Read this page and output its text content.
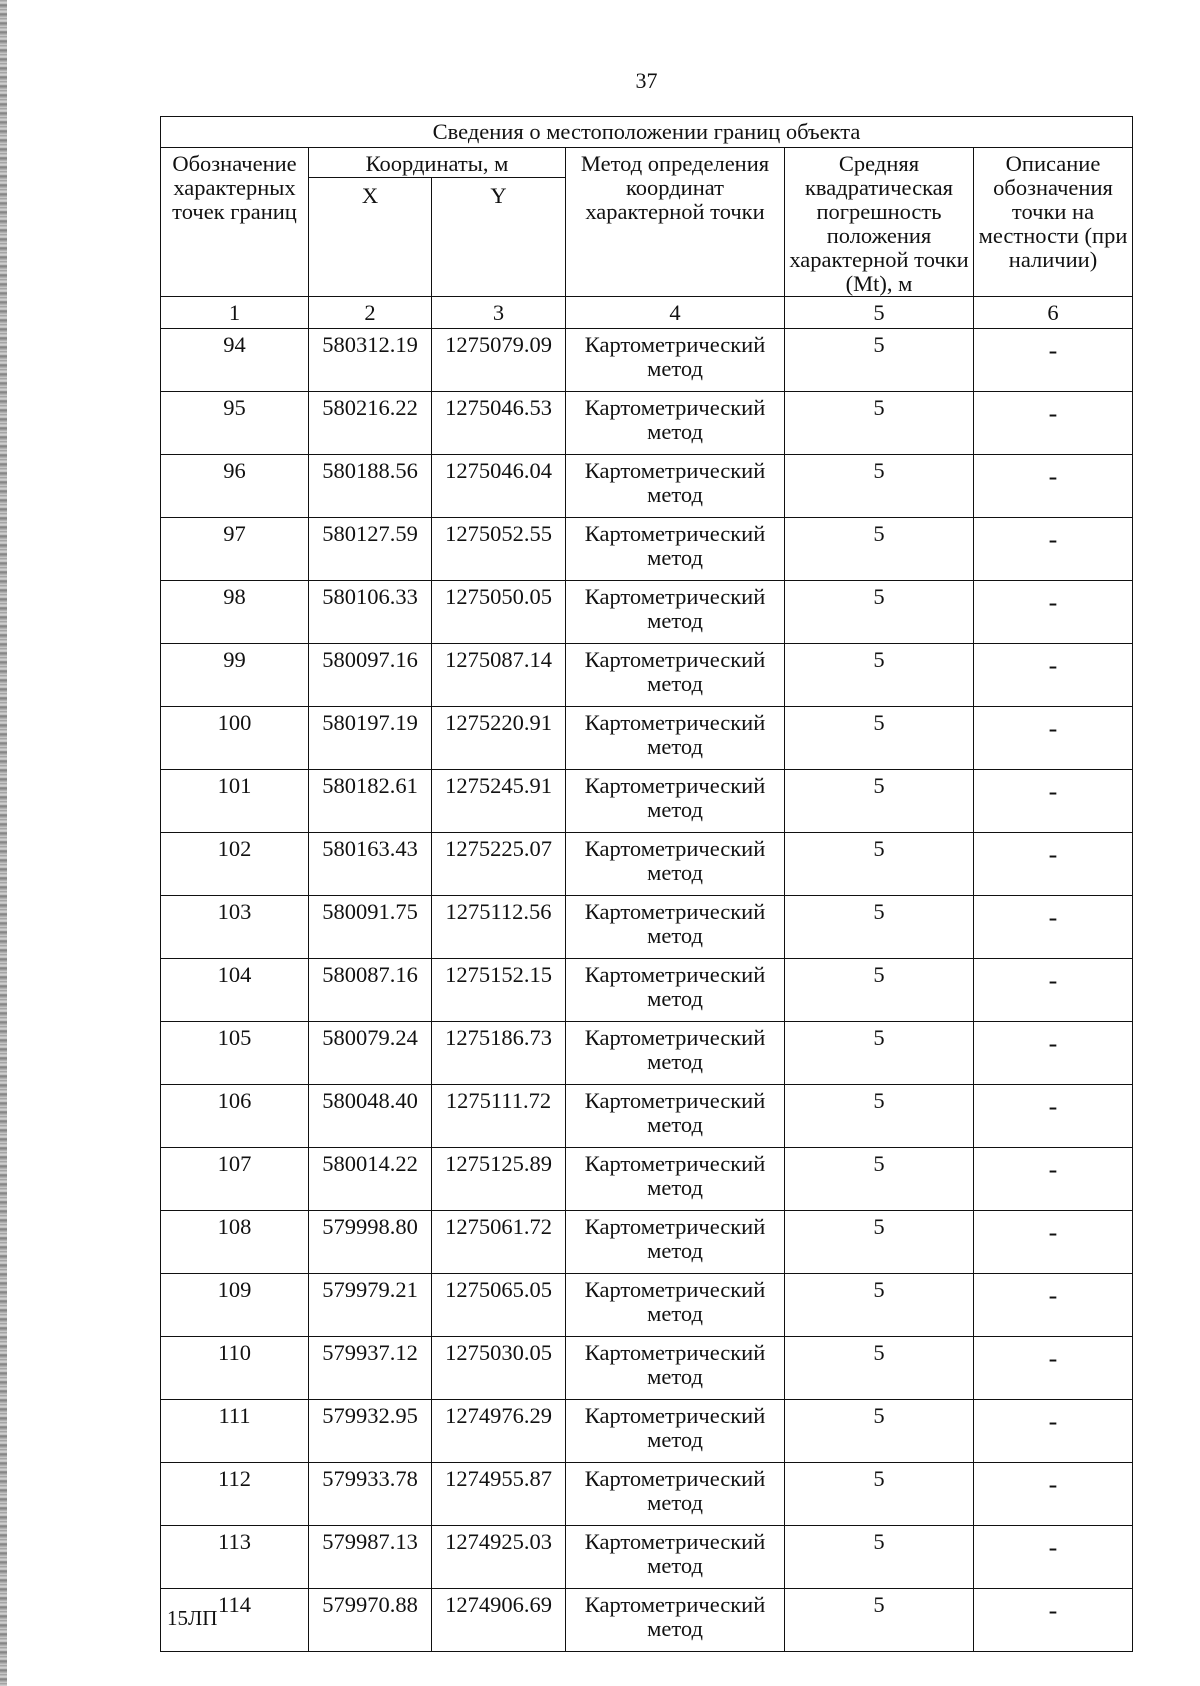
37
Сведения о местоположении границ объекта					
Обозначение характерных точек границ	Координаты, м		Метод определения координат характерной точки	Средняя квадратическая погрешность положения характерной точки (Mt), м	Описание обозначения точки на местности (при наличии)
	X	Y			
1	2	3	4	5	6
94	580312.19	1275079.09	Картометрический метод	5	-
95	580216.22	1275046.53	Картометрический метод	5	-
96	580188.56	1275046.04	Картометрический метод	5	-
97	580127.59	1275052.55	Картометрический метод	5	-
98	580106.33	1275050.05	Картометрический метод	5	-
99	580097.16	1275087.14	Картометрический метод	5	-
100	580197.19	1275220.91	Картометрический метод	5	-
101	580182.61	1275245.91	Картометрический метод	5	-
102	580163.43	1275225.07	Картометрический метод	5	-
103	580091.75	1275112.56	Картометрический метод	5	-
104	580087.16	1275152.15	Картометрический метод	5	-
105	580079.24	1275186.73	Картометрический метод	5	-
106	580048.40	1275111.72	Картометрический метод	5	-
107	580014.22	1275125.89	Картометрический метод	5	-
108	579998.80	1275061.72	Картометрический метод	5	-
109	579979.21	1275065.05	Картометрический метод	5	-
110	579937.12	1275030.05	Картометрический метод	5	-
111	579932.95	1274976.29	Картометрический метод	5	-
112	579933.78	1274955.87	Картометрический метод	5	-
113	579987.13	1274925.03	Картометрический метод	5	-
114	579970.88	1274906.69	Картометрический метод	5	-
15ЛП
